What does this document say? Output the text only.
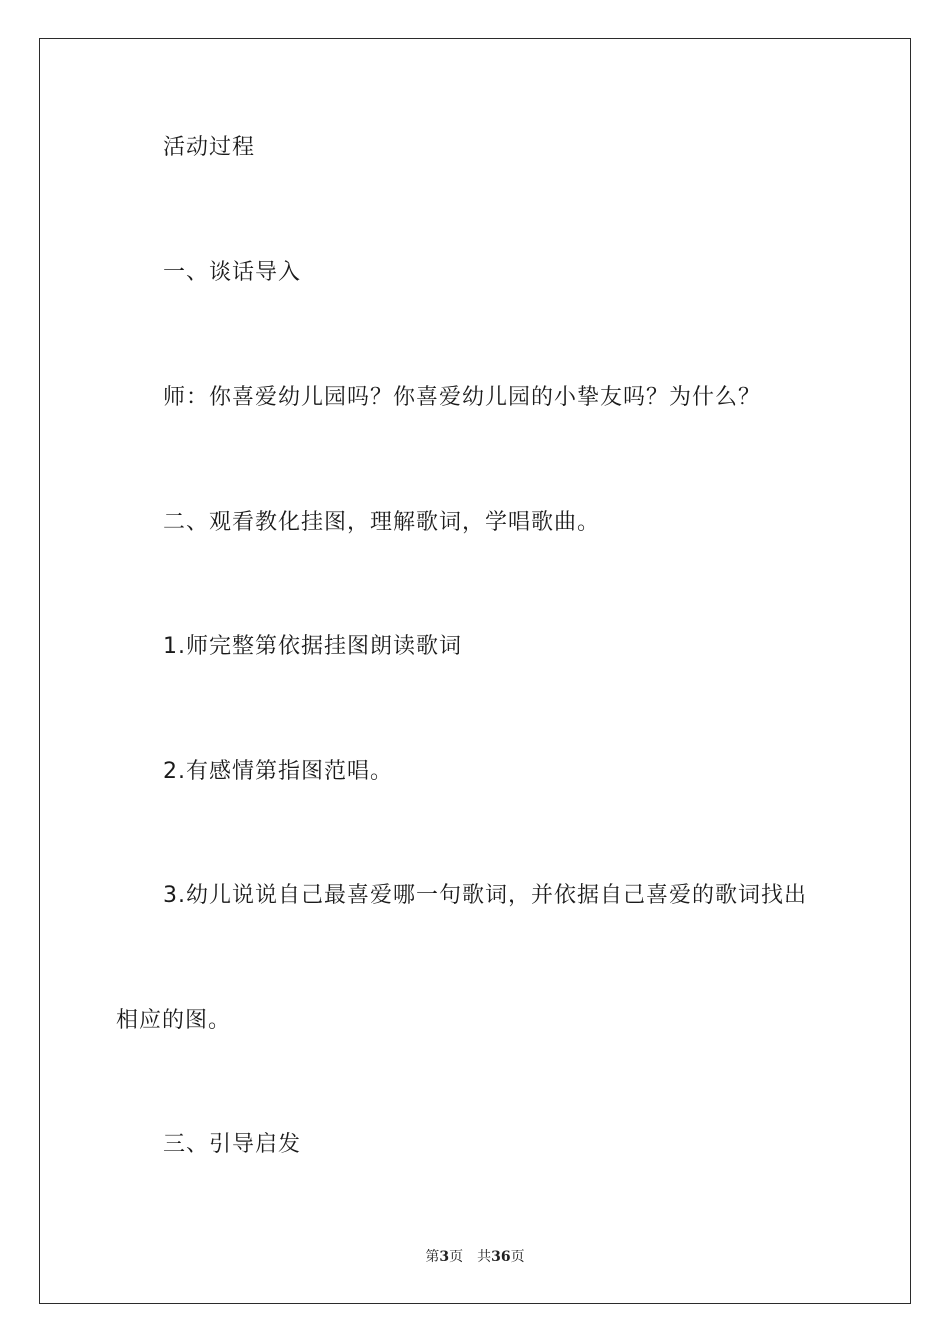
活动过程
一、谈话导入
师：你喜爱幼儿园吗？你喜爱幼儿园的小挚友吗？为什么？
二、观看教化挂图，理解歌词，学唱歌曲。
1.师完整第依据挂图朗读歌词
2.有感情第指图范唱。
3.幼儿说说自己最喜爱哪一句歌词，并依据自己喜爱的歌词找出
相应的图。
三、引导启发
第3页 共36页
